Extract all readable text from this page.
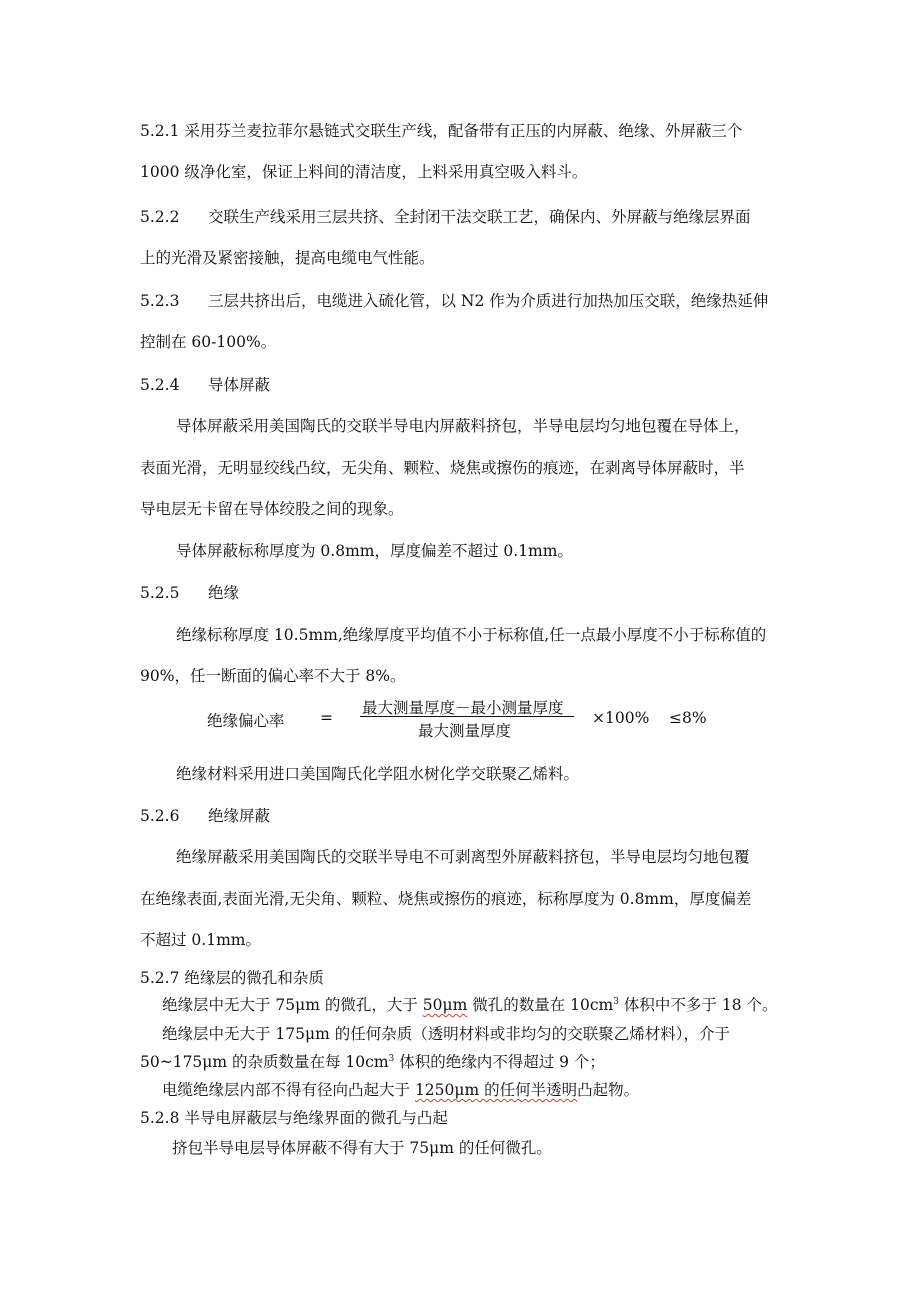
5.2.1 采用芬兰麦拉菲尔悬链式交联生产线，配备带有正压的内屏蔽、绝缘、外屏蔽三个
1000 级净化室，保证上料间的清洁度，上料采用真空吸入料斗。
5.2.2 交联生产线采用三层共挤、全封闭干法交联工艺，确保内、外屏蔽与绝缘层界面
上的光滑及紧密接触，提高电缆电气性能。
5.2.3 三层共挤出后，电缆进入硫化管，以 N2 作为介质进行加热加压交联，绝缘热延伸
控制在 60-100%。
5.2.4 导体屏蔽
导体屏蔽采用美国陶氏的交联半导电内屏蔽料挤包，半导电层均匀地包覆在导体上，
表面光滑，无明显绞线凸纹，无尖角、颗粒、烧焦或擦伤的痕迹，在剥离导体屏蔽时，半
导电层无卡留在导体绞股之间的现象。
导体屏蔽标称厚度为 0.8mm，厚度偏差不超过 0.1mm。
5.2.5 绝缘
绝缘标称厚度 10.5mm,绝缘厚度平均值不小于标称值,任一点最小厚度不小于标称值的
90%，任一断面的偏心率不大于 8%。
绝缘偏心率 =
最大测量厚度－最小测量厚度
最大测量厚度
×100% ≤8%
绝缘材料采用进口美国陶氏化学阻水树化学交联聚乙烯料。
5.2.6 绝缘屏蔽
绝缘屏蔽采用美国陶氏的交联半导电不可剥离型外屏蔽料挤包，半导电层均匀地包覆
在绝缘表面,表面光滑,无尖角、颗粒、烧焦或擦伤的痕迹，标称厚度为 0.8mm，厚度偏差
不超过 0.1mm。
5.2.7 绝缘层的微孔和杂质
绝缘层中无大于 75μm 的微孔，大于 50μm 微孔的数量在 $10cm^3$ 体积中不多于 18 个。
绝缘层中无大于 175μm 的任何杂质（透明材料或非均匀的交联聚乙烯材料），介于
50~175μm 的杂质数量在每 $10cm^3$ 体积的绝缘内不得超过 9 个；
电缆绝缘层内部不得有径向凸起大于 1250μm 的任何半透明凸起物。
5.2.8 半导电屏蔽层与绝缘界面的微孔与凸起
挤包半导电层导体屏蔽不得有大于 75μm 的任何微孔。
